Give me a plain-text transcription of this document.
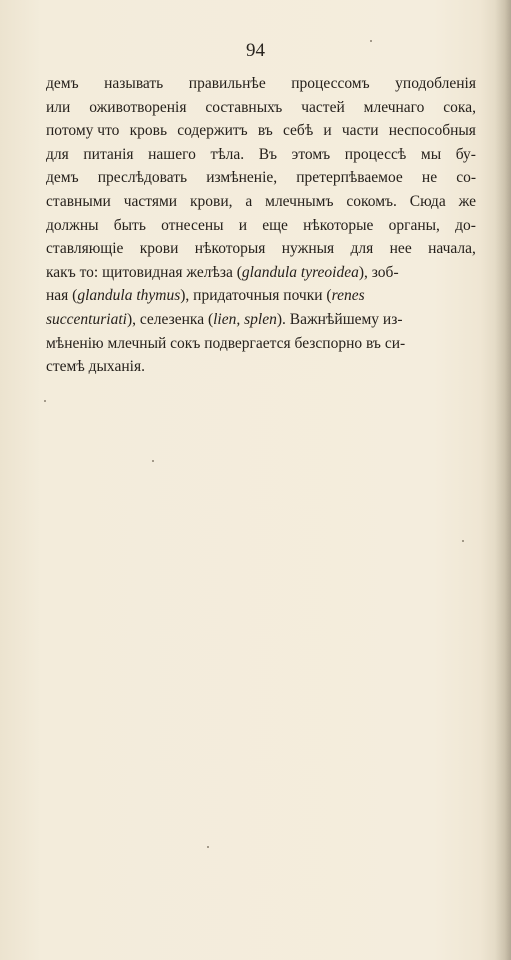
94
демъ называть правильнѣе процессомъ уподобленія
или оживотворенія составныхъ частей млечнаго сока,
потому что кровь содержитъ въ себѣ и части неспособныя
для питанія нашего тѣла. Въ этомъ процессѣ мы бу-
демъ преслѣдовать измѣненіе, претерпѣваемое не со-
ставными частями крови, а млечнымъ сокомъ. Сюда же
должны быть отнесены и еще нѣкоторые органы, до-
ставляющіе крови нѣкоторыя нужныя для нее начала,
какъ то: щитовидная желѣза (glandula tyreoidea), зоб-
ная (glandula thymus), придаточныя почки (renes
succenturiati), селезенка (lien, splen). Важнѣйшему из-
мѣненію млечный сокъ подвергается безспорно въ си-
стемѣ дыханія.
